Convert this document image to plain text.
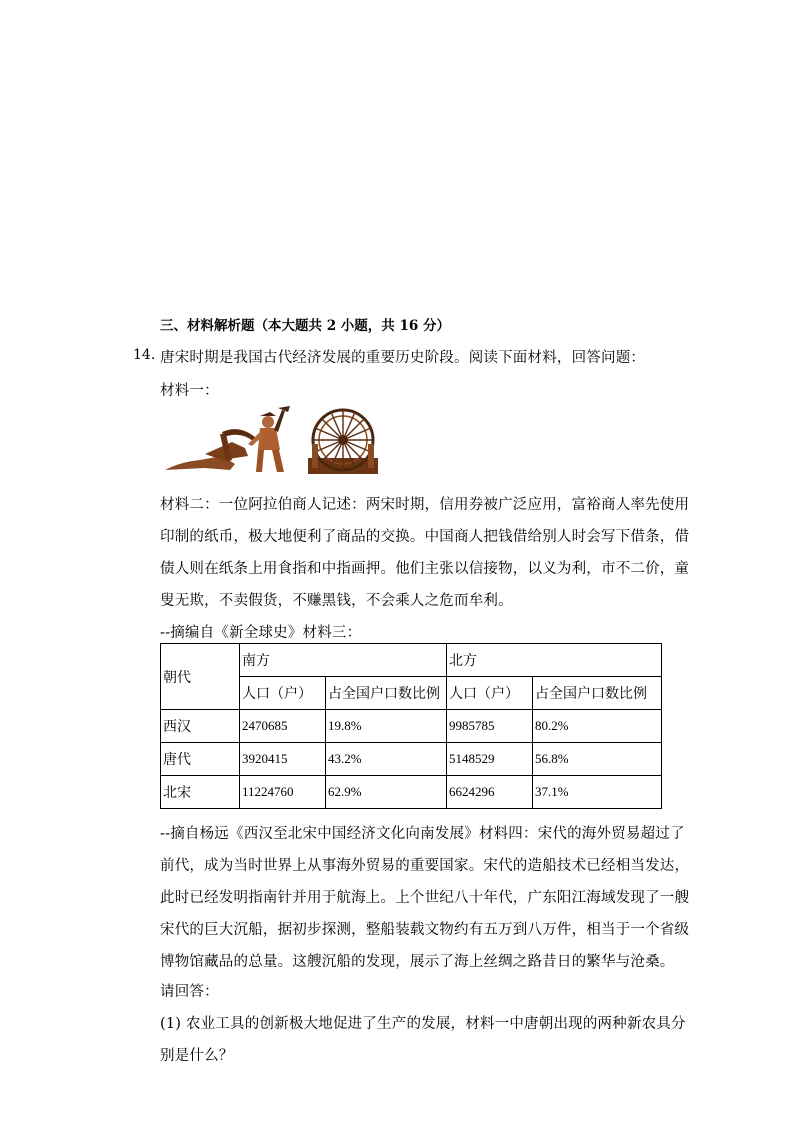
三、材料解析题（本大题共 2 小题，共 16 分）
14. 唐宋时期是我国古代经济发展的重要历史阶段。阅读下面材料，回答问题：
材料一：
材料二：一位阿拉伯商人记述：两宋时期，信用券被广泛应用，富裕商人率先使用
印制的纸币，极大地便利了商品的交换。中国商人把钱借给别人时会写下借条，借
债人则在纸条上用食指和中指画押。他们主张以信接物，以义为利，市不二价，童
叟无欺，不卖假货，不赚黑钱，不会乘人之危而牟利。
--摘编自《新全球史》材料三：
朝代	南方		北方	
	人口（户）	占全国户口数比例	人口（户）	占全国户口数比例
西汉	2470685	19.8%	9985785	80.2%
唐代	3920415	43.2%	5148529	56.8%
北宋	11224760	62.9%	6624296	37.1%
--摘自杨远《西汉至北宋中国经济文化向南发展》材料四：宋代的海外贸易超过了
前代，成为当时世界上从事海外贸易的重要国家。宋代的造船技术已经相当发达，
此时已经发明指南针并用于航海上。上个世纪八十年代，广东阳江海域发现了一艘
宋代的巨大沉船，据初步探测，整船装载文物约有五万到八万件，相当于一个省级
博物馆藏品的总量。这艘沉船的发现，展示了海上丝绸之路昔日的繁华与沧桑。
请回答：
(1) 农业工具的创新极大地促进了生产的发展，材料一中唐朝出现的两种新农具分
别是什么？
